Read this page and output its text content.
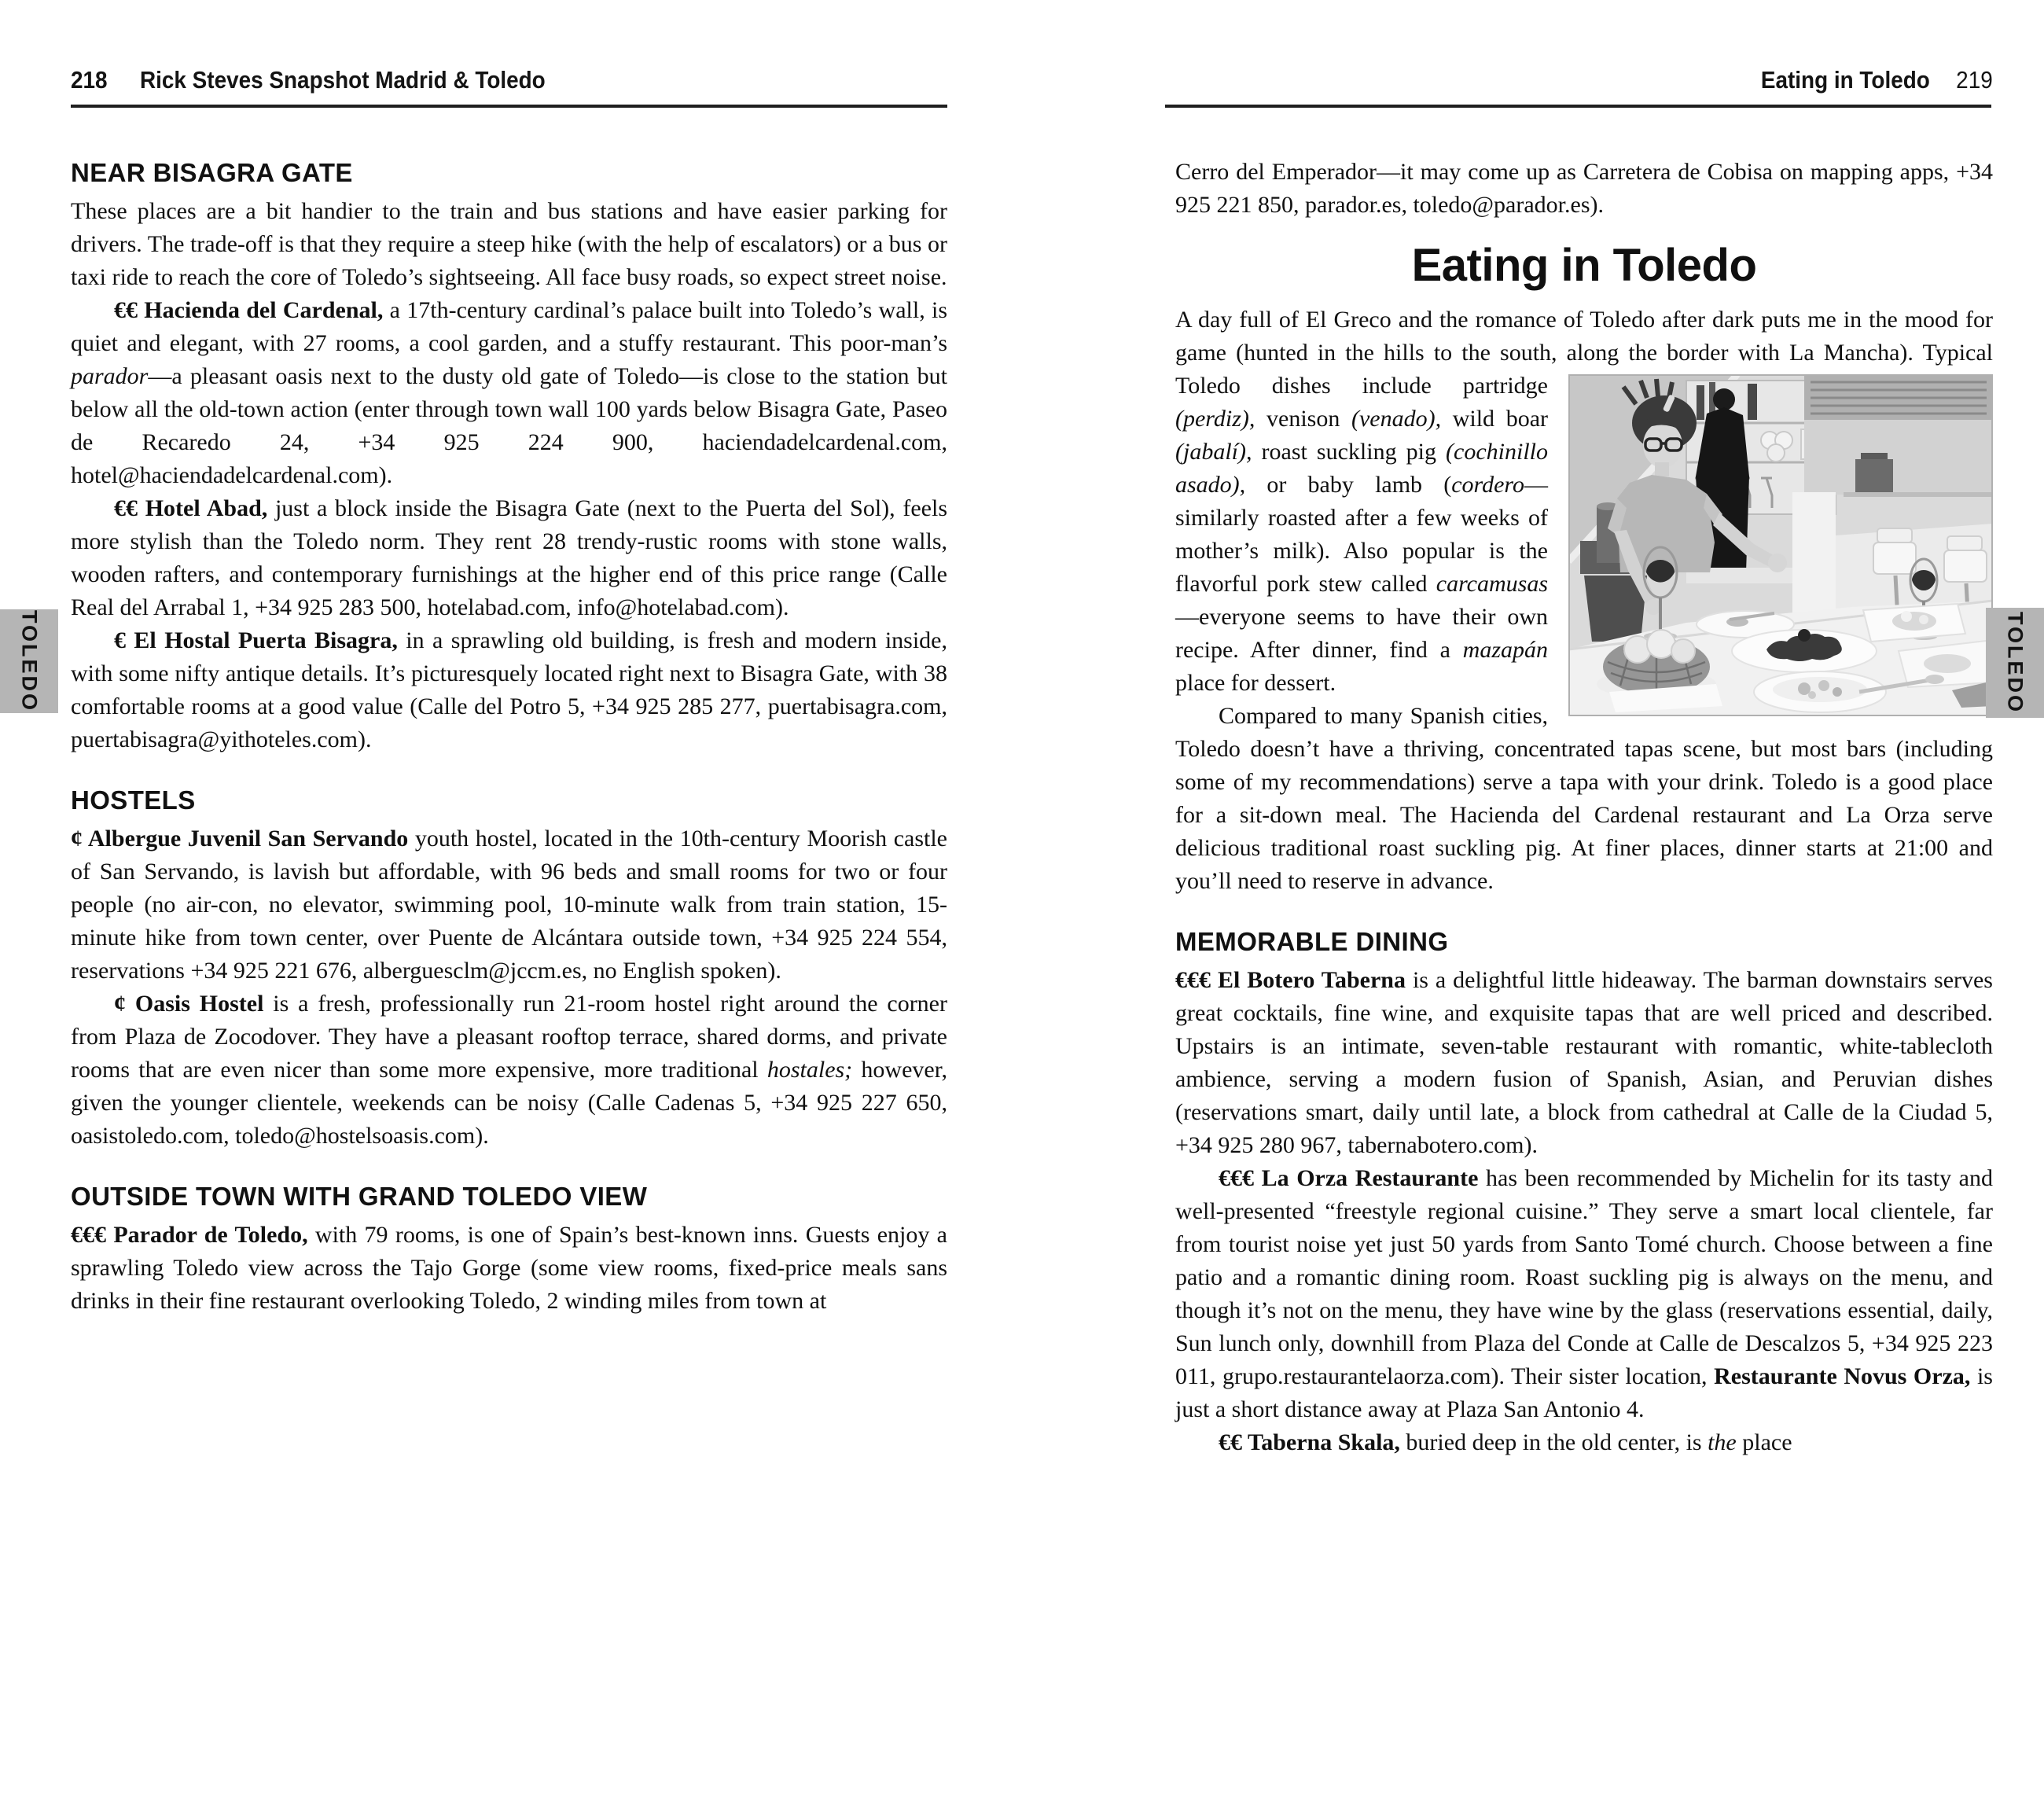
218 Rick Steves Snapshot Madrid & Toledo
NEAR BISAGRA GATE

These places are a bit handier to the train and bus stations and have easier parking for drivers. The trade-off is that they require a steep hike (with the help of escalators) or a bus or taxi ride to reach the core of Toledo’s sightseeing. All face busy roads, so expect street noise.

€€ Hacienda del Cardenal, a 17th-century cardinal’s palace built into Toledo’s wall, is quiet and elegant, with 27 rooms, a cool garden, and a stuffy restaurant. This poor-man’s parador—a pleasant oasis next to the dusty old gate of Toledo—is close to the station but below all the old-town action (enter through town wall 100 yards below Bisagra Gate, Paseo de Recaredo 24, +34 925 224 900, haciendadelcardenal.com, hotel@haciendadelcardenal.com).

€€ Hotel Abad, just a block inside the Bisagra Gate (next to the Puerta del Sol), feels more stylish than the Toledo norm. They rent 28 trendy-rustic rooms with stone walls, wooden rafters, and contemporary furnishings at the higher end of this price range (Calle Real del Arrabal 1, +34 925 283 500, hotelabad.com, info@hotelabad.com).

€ El Hostal Puerta Bisagra, in a sprawling old building, is fresh and modern inside, with some nifty antique details. It’s picturesquely located right next to Bisagra Gate, with 38 comfortable rooms at a good value (Calle del Potro 5, +34 925 285 277, puertabisagra.com, puertabisagra@yithoteles.com).

HOSTELS

¢ Albergue Juvenil San Servando youth hostel, located in the 10th-century Moorish castle of San Servando, is lavish but affordable, with 96 beds and small rooms for two or four people (no air-con, no elevator, swimming pool, 10-minute walk from train station, 15-minute hike from town center, over Puente de Alcántara outside town, +34 925 224 554, reservations +34 925 221 676, alberguesclm@jccm.es, no English spoken).

¢ Oasis Hostel is a fresh, professionally run 21-room hostel right around the corner from Plaza de Zocodover. They have a pleasant rooftop terrace, shared dorms, and private rooms that are even nicer than some more expensive, more traditional hostales; however, given the younger clientele, weekends can be noisy (Calle Cadenas 5, +34 925 227 650, oasistoledo.com, toledo@hostelsoasis.com).

OUTSIDE TOWN WITH GRAND TOLEDO VIEW

€€€ Parador de Toledo, with 79 rooms, is one of Spain’s best-known inns. Guests enjoy a sprawling Toledo view across the Tajo Gorge (some view rooms, fixed-price meals sans drinks in their fine restaurant overlooking Toledo, 2 winding miles from town at

Eating in Toledo 219

Cerro del Emperador—it may come up as Carretera de Cobisa on mapping apps, +34 925 221 850, parador.es, toledo@parador.es).

Eating in Toledo

A day full of El Greco and the romance of Toledo after dark puts me in the mood for game (hunted in the hills to the south, along
the border with La Mancha). Typical Toledo dishes include partridge (perdiz), venison (venado), wild boar (jabalí), roast suckling pig (cochinillo asado), or baby lamb (cordero—similarly roasted after a few weeks of mother’s milk). Also popular is the flavorful pork stew called carcamusas—everyone seems to have their own recipe. After dinner, find a mazapán place for dessert.

Compared to many Spanish cities, Toledo doesn’t have a thriving, concentrated tapas scene, but most bars (including some of my recommendations) serve a tapa with your drink. Toledo is a good place for a sit-down meal. The Hacienda del Cardenal restaurant and La Orza serve delicious traditional roast suckling pig. At finer places, dinner starts at 21:00 and you’ll need to reserve in advance.

MEMORABLE DINING

€€€ El Botero Taberna is a delightful little hideaway. The barman downstairs serves great cocktails, fine wine, and exquisite tapas that are well priced and described. Upstairs is an intimate, seven-table restaurant with romantic, white-tablecloth ambience, serving a modern fusion of Spanish, Asian, and Peruvian dishes (reservations smart, daily until late, a block from cathedral at Calle de la Ciudad 5, +34 925 280 967, tabernabotero.com).

€€€ La Orza Restaurante has been recommended by Michelin for its tasty and well-presented “freestyle regional cuisine.” They serve a smart local clientele, far from tourist noise yet just 50 yards from Santo Tomé church. Choose between a fine patio and a romantic dining room. Roast suckling pig is always on the menu, and though it’s not on the menu, they have wine by the glass (reservations essential, daily, Sun lunch only, downhill from Plaza del Conde at Calle de Descalzos 5, +34 925 223 011, grupo.restaurantelaorza.com). Their sister location, Restaurante Novus Orza, is just a short distance away at Plaza San Antonio 4.

€€ Taberna Skala, buried deep in the old center, is the place

TOLEDO	TOLEDO
